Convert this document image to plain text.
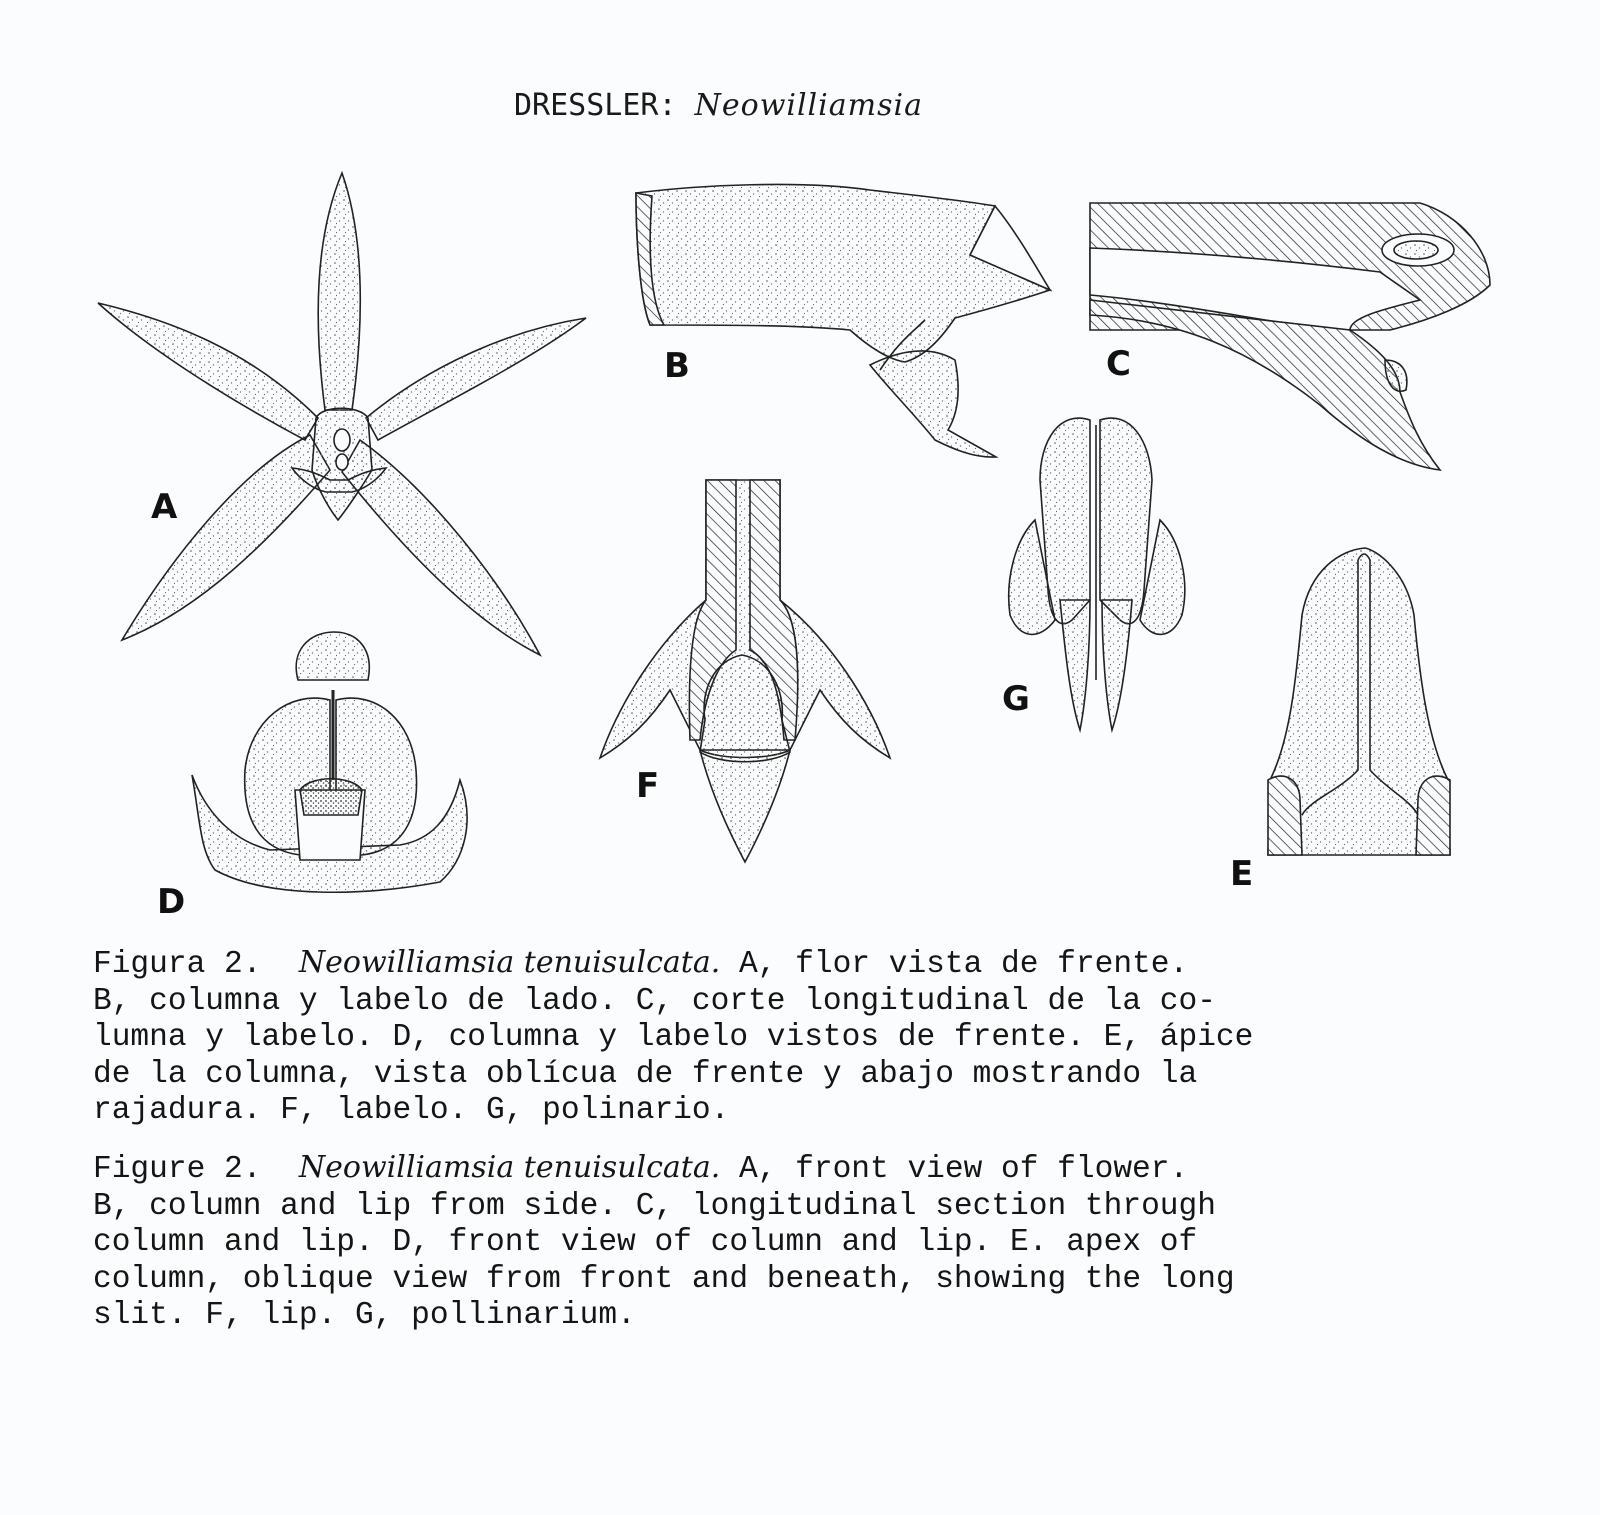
DRESSLER: Neowilliamsia
A
B	C
D
E
F
G
Figura 2. Neowilliamsia tenuisulcata. A, flor vista de frente.
B, columna y labelo de lado. C, corte longitudinal de la co-
lumna y labelo. D, columna y labelo vistos de frente. E, ápice
de la columna, vista oblícua de frente y abajo mostrando la
rajadura. F, labelo. G, polinario.
Figure 2. Neowilliamsia tenuisulcata. A, front view of flower.
B, column and lip from side. C, longitudinal section through
column and lip. D, front view of column and lip. E. apex of
column, oblique view from front and beneath, showing the long
slit. F, lip. G, pollinarium.
